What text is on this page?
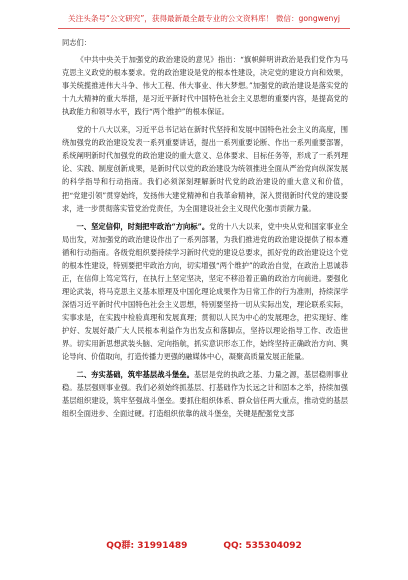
关注头条号“公文研究”，获得最新最全最专业的公文资料库！ 微信：gongwenyj

同志们：

《中共中央关于加强党的政治建设的意见》指出：“旗帜鲜明讲政治是我们党作为马克思主义政党的根本要求。党的政治建设是党的根本性建设，决定党的建设方向和效果，事关统揽推进伟大斗争、伟大工程、伟大事业、伟大梦想。”加强党的政治建设是落实党的十九大精神的重大举措，是习近平新时代中国特色社会主义思想的重要内容，是提高党的执政能力和领导水平，践行“两个维护”的根本保证。

党的十八大以来，习近平总书记站在新时代坚持和发展中国特色社会主义的高度，围绕加强党的政治建设发表一系列重要讲话，提出一系列重要论断、作出一系列重要部署，系统阐明新时代加强党的政治建设的重大意义、总体要求、目标任务等，形成了一系列理论、实践、制度创新成果，是新时代以党的政治建设为统领推进全面从严治党向纵深发展的科学指导和行动指南。我们必须深刻理解新时代党的政治建设的重大意义和价值，把“党建引领”贯穿始终，发扬伟大建党精神和自我革命精神，深入贯彻新时代党的建设要求，进一步贯彻落实管党治党责任，为全面建设社会主义现代化强市贡献力量。

一、坚定信仰，时刻把牢政治“方向标”。党的十八大以来，党中央从党和国家事业全局出发，对加强党的政治建设作出了一系列部署，为我们推进党的政治建设提供了根本遵循和行动指南。各级党组织要持续学习新时代党的建设总要求，抓好党的政治建设这个党的根本性建设，特别要把牢政治方向，切实增强“两个维护”的政治自觉，在政治上思诚恭正，在信仰上笃定笃行，在执行上坚定坚决，坚定不移沿着正确的政治方向前进。要强化理论武装，将马克思主义基本原理及中国化理论成果作为日常工作的行为准则，持续深学深悟习近平新时代中国特色社会主义思想，特别要坚持一切从实际出发，理论联系实际，实事求是，在实践中检验真理和发展真理；贯彻以人民为中心的发展理念，把实现好、维护好、发展好最广大人民根本利益作为出发点和落脚点，坚持以理论指导工作、改造世界。切实用新思想武装头脑、定向指航，抓实意识形态工作，始终坚持正确政治方向、舆论导向、价值取向，打造传播力更强的融媒体中心，凝聚高质量发展正能量。

二、夯实基础，筑牢基层战斗堡垒。基层是党的执政之基、力量之源，基层稳则事业稳。基层强则事业强。我们必须始终抓基层、打基础作为长远之计和固本之举，持续加强基层组织建设，筑牢坚强战斗堡垒。要抓住组织体系、群众信任两大重点，推动党的基层组织全面进步、全面过硬。打造组织依靠的战斗堡垒，关键是配强党支部

QQ群: 31991489	QQ: 535304092
